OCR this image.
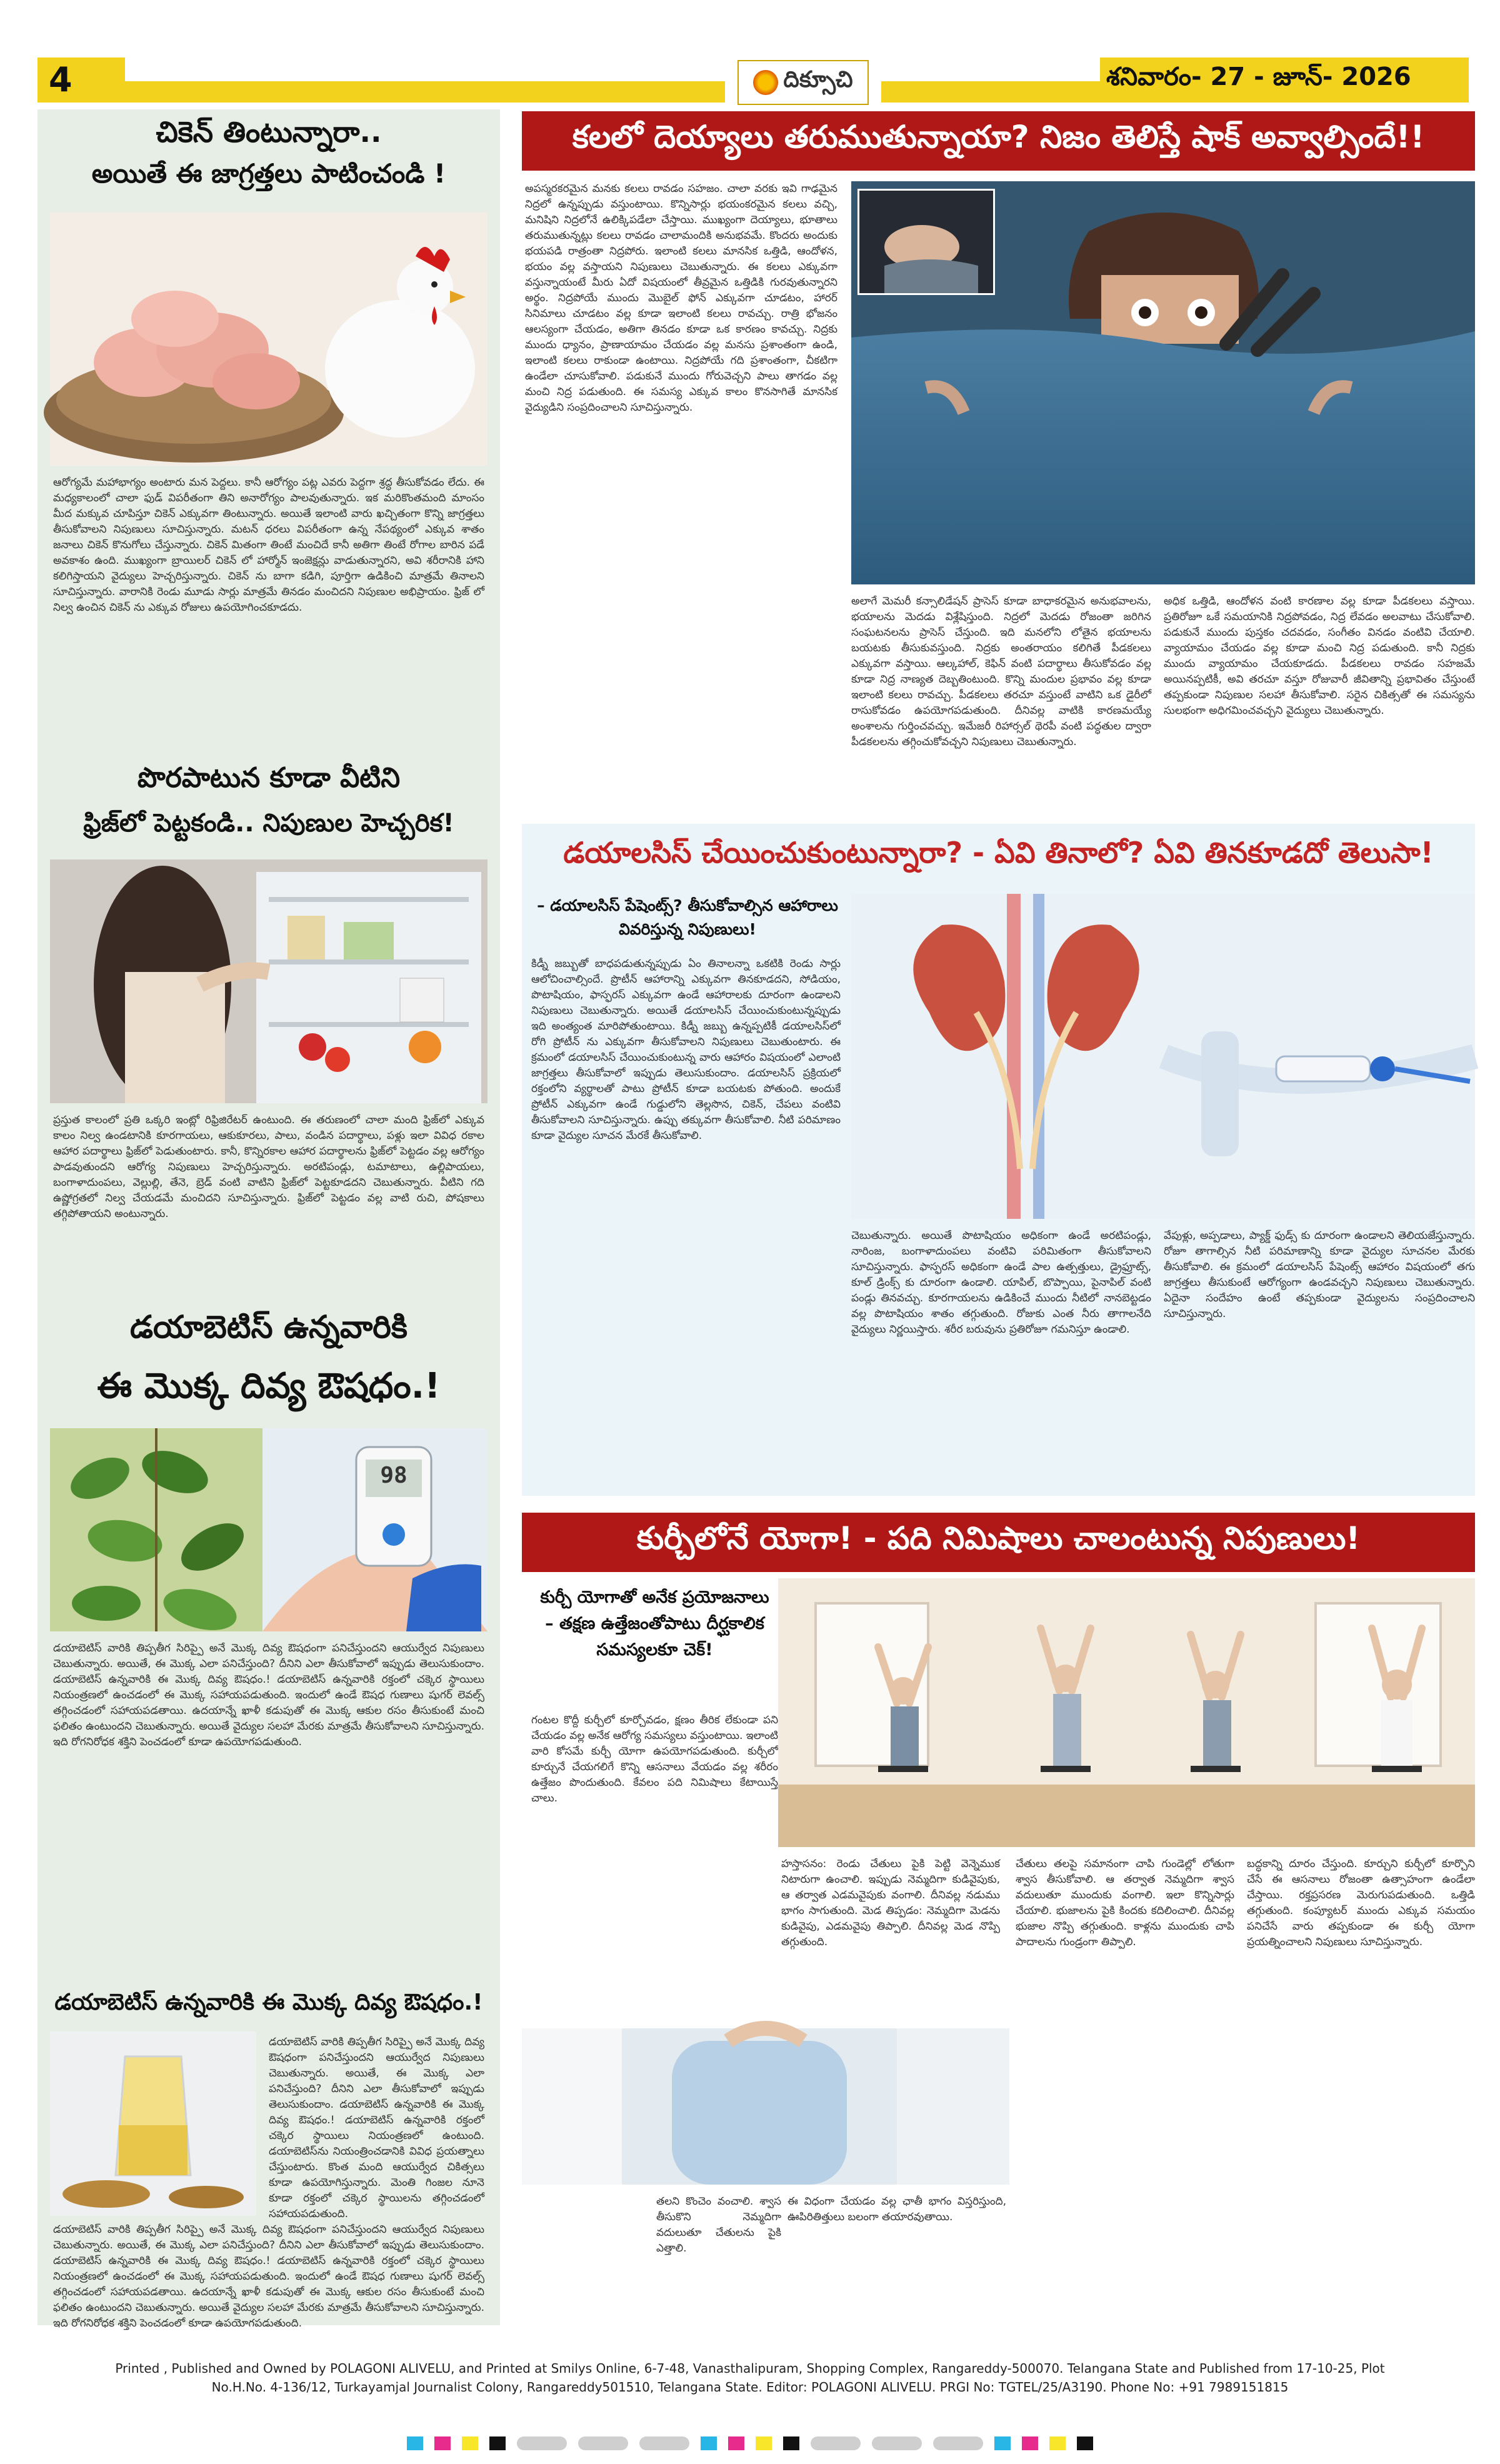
4	దిక్సూచి	శనివారం- 27 - జూన్- 2026
చికెన్ తింటున్నారా..
అయితే ఈ జాగ్రత్తలు పాటించండి !
ఆరోగ్యమే మహాభాగ్యం అంటారు మన పెద్దలు. కానీ ఆరోగ్యం పట్ల ఎవరు పెద్దగా శ్రద్ధ తీసుకోవడం లేదు. ఈ మధ్యకాలంలో చాలా ఫుడ్ విపరీతంగా తిని అనారోగ్యం పాలవుతున్నారు. ఇక మరికొంతమంది మాంసం మీద మక్కువ చూపిస్తూ చికెన్ ఎక్కువగా తింటున్నారు. అయితే ఇలాంటి వారు ఖచ్చితంగా కొన్ని జాగ్రత్తలు తీసుకోవాలని నిపుణులు సూచిస్తున్నారు. మటన్ ధరలు విపరీతంగా ఉన్న నేపథ్యంలో ఎక్కువ శాతం జనాలు చికెన్ కొనుగోలు చేస్తున్నారు. చికెన్ మితంగా తింటే మంచిదే కానీ అతిగా తింటే రోగాల బారిన పడే అవకాశం ఉంది. ముఖ్యంగా బ్రాయిలర్ చికెన్ లో హార్మోన్ ఇంజెక్షన్లు వాడుతున్నారని, అవి శరీరానికి హాని కలిగిస్తాయని వైద్యులు హెచ్చరిస్తున్నారు. చికెన్ ను బాగా కడిగి, పూర్తిగా ఉడికించి మాత్రమే తినాలని సూచిస్తున్నారు. వారానికి రెండు మూడు సార్లు మాత్రమే తినడం మంచిదని నిపుణుల అభిప్రాయం. ఫ్రిజ్ లో నిల్వ ఉంచిన చికెన్ ను ఎక్కువ రోజులు ఉపయోగించకూడదు.
పొరపాటున కూడా వీటిని
ఫ్రిజ్‌లో పెట్టకండి.. నిపుణుల హెచ్చరిక!
ప్రస్తుత కాలంలో ప్రతి ఒక్కరి ఇంట్లో రిఫ్రిజిరేటర్ ఉంటుంది. ఈ తరుణంలో చాలా మంది ఫ్రిజ్‌లో ఎక్కువ కాలం నిల్వ ఉండటానికి కూరగాయలు, ఆకుకూరలు, పాలు, వండిన పదార్థాలు, పళ్లు ఇలా వివిధ రకాల ఆహార పదార్థాలు ఫ్రిజ్‌లో పెడుతుంటారు. కానీ, కొన్నిరకాల ఆహార పదార్థాలను ఫ్రిజ్‌లో పెట్టడం వల్ల ఆరోగ్యం పాడవుతుందని ఆరోగ్య నిపుణులు హెచ్చరిస్తున్నారు. అరటిపండ్లు, టమాటాలు, ఉల్లిపాయలు, బంగాళాదుంపలు, వెల్లుల్లి, తేనె, బ్రెడ్ వంటి వాటిని ఫ్రిజ్‌లో పెట్టకూడదని చెబుతున్నారు. వీటిని గది ఉష్ణోగ్రతలో నిల్వ చేయడమే మంచిదని సూచిస్తున్నారు. ఫ్రిజ్‌లో పెట్టడం వల్ల వాటి రుచి, పోషకాలు తగ్గిపోతాయని అంటున్నారు.
డయాబెటిస్ ఉన్నవారికి
ఈ మొక్క దివ్య ఔషధం.!
98
డయాబెటిస్ వారికి తిప్పతీగ సిరిప్పై అనే మొక్క దివ్య ఔషధంగా పనిచేస్తుందని ఆయుర్వేద నిపుణులు చెబుతున్నారు. అయితే, ఈ మొక్క ఎలా పనిచేస్తుంది? దీనిని ఎలా తీసుకోవాలో ఇప్పుడు తెలుసుకుందాం. డయాబెటిస్ ఉన్నవారికి ఈ మొక్క దివ్య ఔషధం.! డయాబెటిస్ ఉన్నవారికి రక్తంలో చక్కెర స్థాయిలు నియంత్రణలో ఉంచడంలో ఈ మొక్క సహాయపడుతుంది. ఇందులో ఉండే ఔషధ గుణాలు షుగర్ లెవల్స్ తగ్గించడంలో సహాయపడతాయి. ఉదయాన్నే ఖాళీ కడుపుతో ఈ మొక్క ఆకుల రసం తీసుకుంటే మంచి ఫలితం ఉంటుందని చెబుతున్నారు. అయితే వైద్యుల సలహా మేరకు మాత్రమే తీసుకోవాలని సూచిస్తున్నారు. ఇది రోగనిరోధక శక్తిని పెంచడంలో కూడా ఉపయోగపడుతుంది.
డయాబెటిస్ ఉన్నవారికి ఈ మొక్క దివ్య ఔషధం.!
డయాబెటిస్ వారికి తిప్పతీగ సిరిప్పై అనే మొక్క దివ్య ఔషధంగా పనిచేస్తుందని ఆయుర్వేద నిపుణులు చెబుతున్నారు. అయితే, ఈ మొక్క ఎలా పనిచేస్తుంది? దీనిని ఎలా తీసుకోవాలో ఇప్పుడు తెలుసుకుందాం. డయాబెటిస్ ఉన్నవారికి ఈ మొక్క దివ్య ఔషధం.! డయాబెటిస్ ఉన్నవారికి రక్తంలో చక్కెర స్థాయిలు నియంత్రణలో ఉంటుంది. డయాబెటిస్‌ను నియంత్రించడానికి వివిధ ప్రయత్నాలు చేస్తుంటారు. కొంత మంది ఆయుర్వేద చికిత్సలు కూడా ఉపయోగిస్తున్నారు. మెంతి గింజల నూనె కూడా రక్తంలో చక్కెర స్థాయిలను తగ్గించడంలో సహాయపడుతుంది.
డయాబెటిస్ వారికి తిప్పతీగ సిరిప్పై అనే మొక్క దివ్య ఔషధంగా పనిచేస్తుందని ఆయుర్వేద నిపుణులు చెబుతున్నారు. అయితే, ఈ మొక్క ఎలా పనిచేస్తుంది? దీనిని ఎలా తీసుకోవాలో ఇప్పుడు తెలుసుకుందాం. డయాబెటిస్ ఉన్నవారికి ఈ మొక్క దివ్య ఔషధం.! డయాబెటిస్ ఉన్నవారికి రక్తంలో చక్కెర స్థాయిలు నియంత్రణలో ఉంచడంలో ఈ మొక్క సహాయపడుతుంది. ఇందులో ఉండే ఔషధ గుణాలు షుగర్ లెవల్స్ తగ్గించడంలో సహాయపడతాయి. ఉదయాన్నే ఖాళీ కడుపుతో ఈ మొక్క ఆకుల రసం తీసుకుంటే మంచి ఫలితం ఉంటుందని చెబుతున్నారు. అయితే వైద్యుల సలహా మేరకు మాత్రమే తీసుకోవాలని సూచిస్తున్నారు. ఇది రోగనిరోధక శక్తిని పెంచడంలో కూడా ఉపయోగపడుతుంది.
కలలో దెయ్యాలు తరుముతున్నాయా? నిజం తెలిస్తే షాక్ అవ్వాల్సిందే!!
అపస్మరకరమైన మనకు కలలు రావడం సహజం. చాలా వరకు ఇవి గాఢమైన నిద్రలో ఉన్నప్పుడు వస్తుంటాయి. కొన్నిసార్లు భయంకరమైన కలలు వచ్చి, మనిషిని నిద్రలోనే ఉలిక్కిపడేలా చేస్తాయి. ముఖ్యంగా దెయ్యాలు, భూతాలు తరుముతున్నట్లు కలలు రావడం చాలామందికి అనుభవమే. కొందరు అందుకు భయపడి రాత్రంతా నిద్రపోరు. ఇలాంటి కలలు మానసిక ఒత్తిడి, ఆందోళన, భయం వల్ల వస్తాయని నిపుణులు చెబుతున్నారు. ఈ కలలు ఎక్కువగా వస్తున్నాయంటే మీరు ఏదో విషయంలో తీవ్రమైన ఒత్తిడికి గురవుతున్నారని అర్థం. నిద్రపోయే ముందు మొబైల్ ఫోన్ ఎక్కువగా చూడటం, హారర్ సినిమాలు చూడటం వల్ల కూడా ఇలాంటి కలలు రావచ్చు. రాత్రి భోజనం ఆలస్యంగా చేయడం, అతిగా తినడం కూడా ఒక కారణం కావచ్చు. నిద్రకు ముందు ధ్యానం, ప్రాణాయామం చేయడం వల్ల మనసు ప్రశాంతంగా ఉండి, ఇలాంటి కలలు రాకుండా ఉంటాయి. నిద్రపోయే గది ప్రశాంతంగా, చీకటిగా ఉండేలా చూసుకోవాలి. పడుకునే ముందు గోరువెచ్చని పాలు తాగడం వల్ల మంచి నిద్ర పడుతుంది. ఈ సమస్య ఎక్కువ కాలం కొనసాగితే మానసిక వైద్యుడిని సంప్రదించాలని సూచిస్తున్నారు.
అలాగే మెమరీ కన్సాలిడేషన్ ప్రాసెస్ కూడా బాధాకరమైన అనుభవాలను, భయాలను మెదడు విశ్లేషిస్తుంది. నిద్రలో మెదడు రోజంతా జరిగిన సంఘటనలను ప్రాసెస్ చేస్తుంది. ఇది మనలోని లోతైన భయాలను బయటకు తీసుకువస్తుంది. నిద్రకు అంతరాయం కలిగితే పీడకలలు ఎక్కువగా వస్తాయి. ఆల్కహాల్, కెఫిన్ వంటి పదార్థాలు తీసుకోవడం వల్ల కూడా నిద్ర నాణ్యత దెబ్బతింటుంది. కొన్ని మందుల ప్రభావం వల్ల కూడా ఇలాంటి కలలు రావచ్చు. పీడకలలు తరచూ వస్తుంటే వాటిని ఒక డైరీలో రాసుకోవడం ఉపయోగపడుతుంది. దీనివల్ల వాటికి కారణమయ్యే అంశాలను గుర్తించవచ్చు. ఇమేజరీ రిహార్సల్ థెరపీ వంటి పద్ధతుల ద్వారా పీడకలలను తగ్గించుకోవచ్చని నిపుణులు చెబుతున్నారు.
అధిక ఒత్తిడి, ఆందోళన వంటి కారణాల వల్ల కూడా పీడకలలు వస్తాయి. ప్రతిరోజూ ఒకే సమయానికి నిద్రపోవడం, నిద్ర లేవడం అలవాటు చేసుకోవాలి. పడుకునే ముందు పుస్తకం చదవడం, సంగీతం వినడం వంటివి చేయాలి. వ్యాయామం చేయడం వల్ల కూడా మంచి నిద్ర పడుతుంది. కానీ నిద్రకు ముందు వ్యాయామం చేయకూడదు. పీడకలలు రావడం సహజమే అయినప్పటికీ, అవి తరచూ వస్తూ రోజువారీ జీవితాన్ని ప్రభావితం చేస్తుంటే తప్పకుండా నిపుణుల సలహా తీసుకోవాలి. సరైన చికిత్సతో ఈ సమస్యను సులభంగా అధిగమించవచ్చని వైద్యులు చెబుతున్నారు.
డయాలసిస్ చేయించుకుంటున్నారా? - ఏవి తినాలో? ఏవి తినకూడదో తెలుసా!
– డయాలసిస్ పేషెంట్స్? తీసుకోవాల్సిన ఆహారాలు వివరిస్తున్న నిపుణులు!
కిడ్నీ జబ్బుతో బాధపడుతున్నప్పుడు ఏం తినాలన్నా ఒకటికి రెండు సార్లు ఆలోచించాల్సిందే. ప్రొటీన్ ఆహారాన్ని ఎక్కువగా తినకూడదని, సోడియం, పొటాషియం, ఫాస్ఫరస్ ఎక్కువగా ఉండే ఆహారాలకు దూరంగా ఉండాలని నిపుణులు చెబుతున్నారు. అయితే డయాలసిస్ చేయించుకుంటున్నప్పుడు ఇది అంత్యంత మారిపోతుంటాయి. కిడ్నీ జబ్బు ఉన్నప్పటికీ డయాలసిస్‌లో రోగి ప్రోటీన్ ను ఎక్కువగా తీసుకోవాలని నిపుణులు చెబుతుంటారు. ఈ క్రమంలో డయాలసిస్ చేయించుకుంటున్న వారు ఆహారం విషయంలో ఎలాంటి జాగ్రత్తలు తీసుకోవాలో ఇప్పుడు తెలుసుకుందాం. డయాలసిస్ ప్రక్రియలో రక్తంలోని వ్యర్థాలతో పాటు ప్రోటీన్ కూడా బయటకు పోతుంది. అందుకే ప్రోటీన్ ఎక్కువగా ఉండే గుడ్డులోని తెల్లసొన, చికెన్, చేపలు వంటివి తీసుకోవాలని సూచిస్తున్నారు. ఉప్పు తక్కువగా తీసుకోవాలి. నీటి పరిమాణం కూడా వైద్యుల సూచన మేరకే తీసుకోవాలి.
చెబుతున్నారు. అయితే పొటాషియం అధికంగా ఉండే అరటిపండ్లు, నారింజ, బంగాళాదుంపలు వంటివి పరిమితంగా తీసుకోవాలని సూచిస్తున్నారు. ఫాస్ఫరస్ అధికంగా ఉండే పాల ఉత్పత్తులు, డ్రైఫ్రూట్స్, కూల్ డ్రింక్స్ కు దూరంగా ఉండాలి. యాపిల్, బొప్పాయి, పైనాపిల్ వంటి పండ్లు తినవచ్చు. కూరగాయలను ఉడికించే ముందు నీటిలో నానబెట్టడం వల్ల పొటాషియం శాతం తగ్గుతుంది. రోజుకు ఎంత నీరు తాగాలనేది వైద్యులు నిర్ణయిస్తారు. శరీర బరువును ప్రతిరోజూ గమనిస్తూ ఉండాలి.
వేపుళ్లు, అప్పడాలు, ప్యాక్డ్ ఫుడ్స్ కు దూరంగా ఉండాలని తెలియజేస్తున్నారు. రోజూ తాగాల్సిన నీటి పరిమాణాన్ని కూడా వైద్యుల సూచనల మేరకు తీసుకోవాలి. ఈ క్రమంలో డయాలసిస్ పేషెంట్స్ ఆహారం విషయంలో తగు జాగ్రత్తలు తీసుకుంటే ఆరోగ్యంగా ఉండవచ్చని నిపుణులు చెబుతున్నారు. ఏదైనా సందేహం ఉంటే తప్పకుండా వైద్యులను సంప్రదించాలని సూచిస్తున్నారు.
కుర్చీలోనే యోగా! - పది నిమిషాలు చాలంటున్న నిపుణులు!
కుర్చీ యోగాతో అనేక ప్రయోజనాలు – తక్షణ ఉత్తేజంతోపాటు దీర్ఘకాలిక సమస్యలకూ చెక్!
గంటల కొద్దీ కుర్చీలో కూర్చోవడం, క్షణం తీరిక లేకుండా పని చేయడం వల్ల అనేక ఆరోగ్య సమస్యలు వస్తుంటాయి. ఇలాంటి వారి కోసమే కుర్చీ యోగా ఉపయోగపడుతుంది. కుర్చీలో కూర్చునే చేయగలిగే కొన్ని ఆసనాలు వేయడం వల్ల శరీరం ఉత్తేజం పొందుతుంది. కేవలం పది నిమిషాలు కేటాయిస్తే చాలు.
హస్తాసనం: రెండు చేతులు పైకి పెట్టి వెన్నెముక నిటారుగా ఉంచాలి. ఇప్పుడు నెమ్మదిగా కుడివైపుకు, ఆ తర్వాత ఎడమవైపుకు వంగాలి. దీనివల్ల నడుము భాగం సాగుతుంది. మెడ తిప్పడం: నెమ్మదిగా మెడను కుడివైపు, ఎడమవైపు తిప్పాలి. దీనివల్ల మెడ నొప్పి తగ్గుతుంది.
చేతులు తలపై సమానంగా చాపి గుండెల్లో లోతుగా శ్వాస తీసుకోవాలి. ఆ తర్వాత నెమ్మదిగా శ్వాస వదులుతూ ముందుకు వంగాలి. ఇలా కొన్నిసార్లు చేయాలి. భుజాలను పైకి కిందకు కదిలించాలి. దీనివల్ల భుజాల నొప్పి తగ్గుతుంది. కాళ్లను ముందుకు చాపి పాదాలను గుండ్రంగా తిప్పాలి.
బద్ధకాన్ని దూరం చేస్తుంది. కూర్చుని కుర్చీలో కూర్చొని చేసే ఈ ఆసనాలు రోజంతా ఉత్సాహంగా ఉండేలా చేస్తాయి. రక్తప్రసరణ మెరుగుపడుతుంది. ఒత్తిడి తగ్గుతుంది. కంప్యూటర్ ముందు ఎక్కువ సమయం పనిచేసే వారు తప్పకుండా ఈ కుర్చీ యోగా ప్రయత్నించాలని నిపుణులు సూచిస్తున్నారు.
తలని కొంచెం వంచాలి. శ్వాస తీసుకొని నెమ్మదిగా వదులుతూ చేతులను పైకి ఎత్తాలి.
ఈ విధంగా చేయడం వల్ల ఛాతీ భాగం విస్తరిస్తుంది, ఊపిరితిత్తులు బలంగా తయారవుతాయి.
Printed , Published and Owned by POLAGONI ALIVELU, and Printed at Smilys Online, 6-7-48, Vanasthalipuram, Shopping Complex, Rangareddy-500070. Telangana State and Published from 17-10-25, Plot
No.H.No. 4-136/12, Turkayamjal Journalist Colony, Rangareddy501510, Telangana State. Editor: POLAGONI ALIVELU. PRGI No: TGTEL/25/A3190. Phone No: +91 7989151815
